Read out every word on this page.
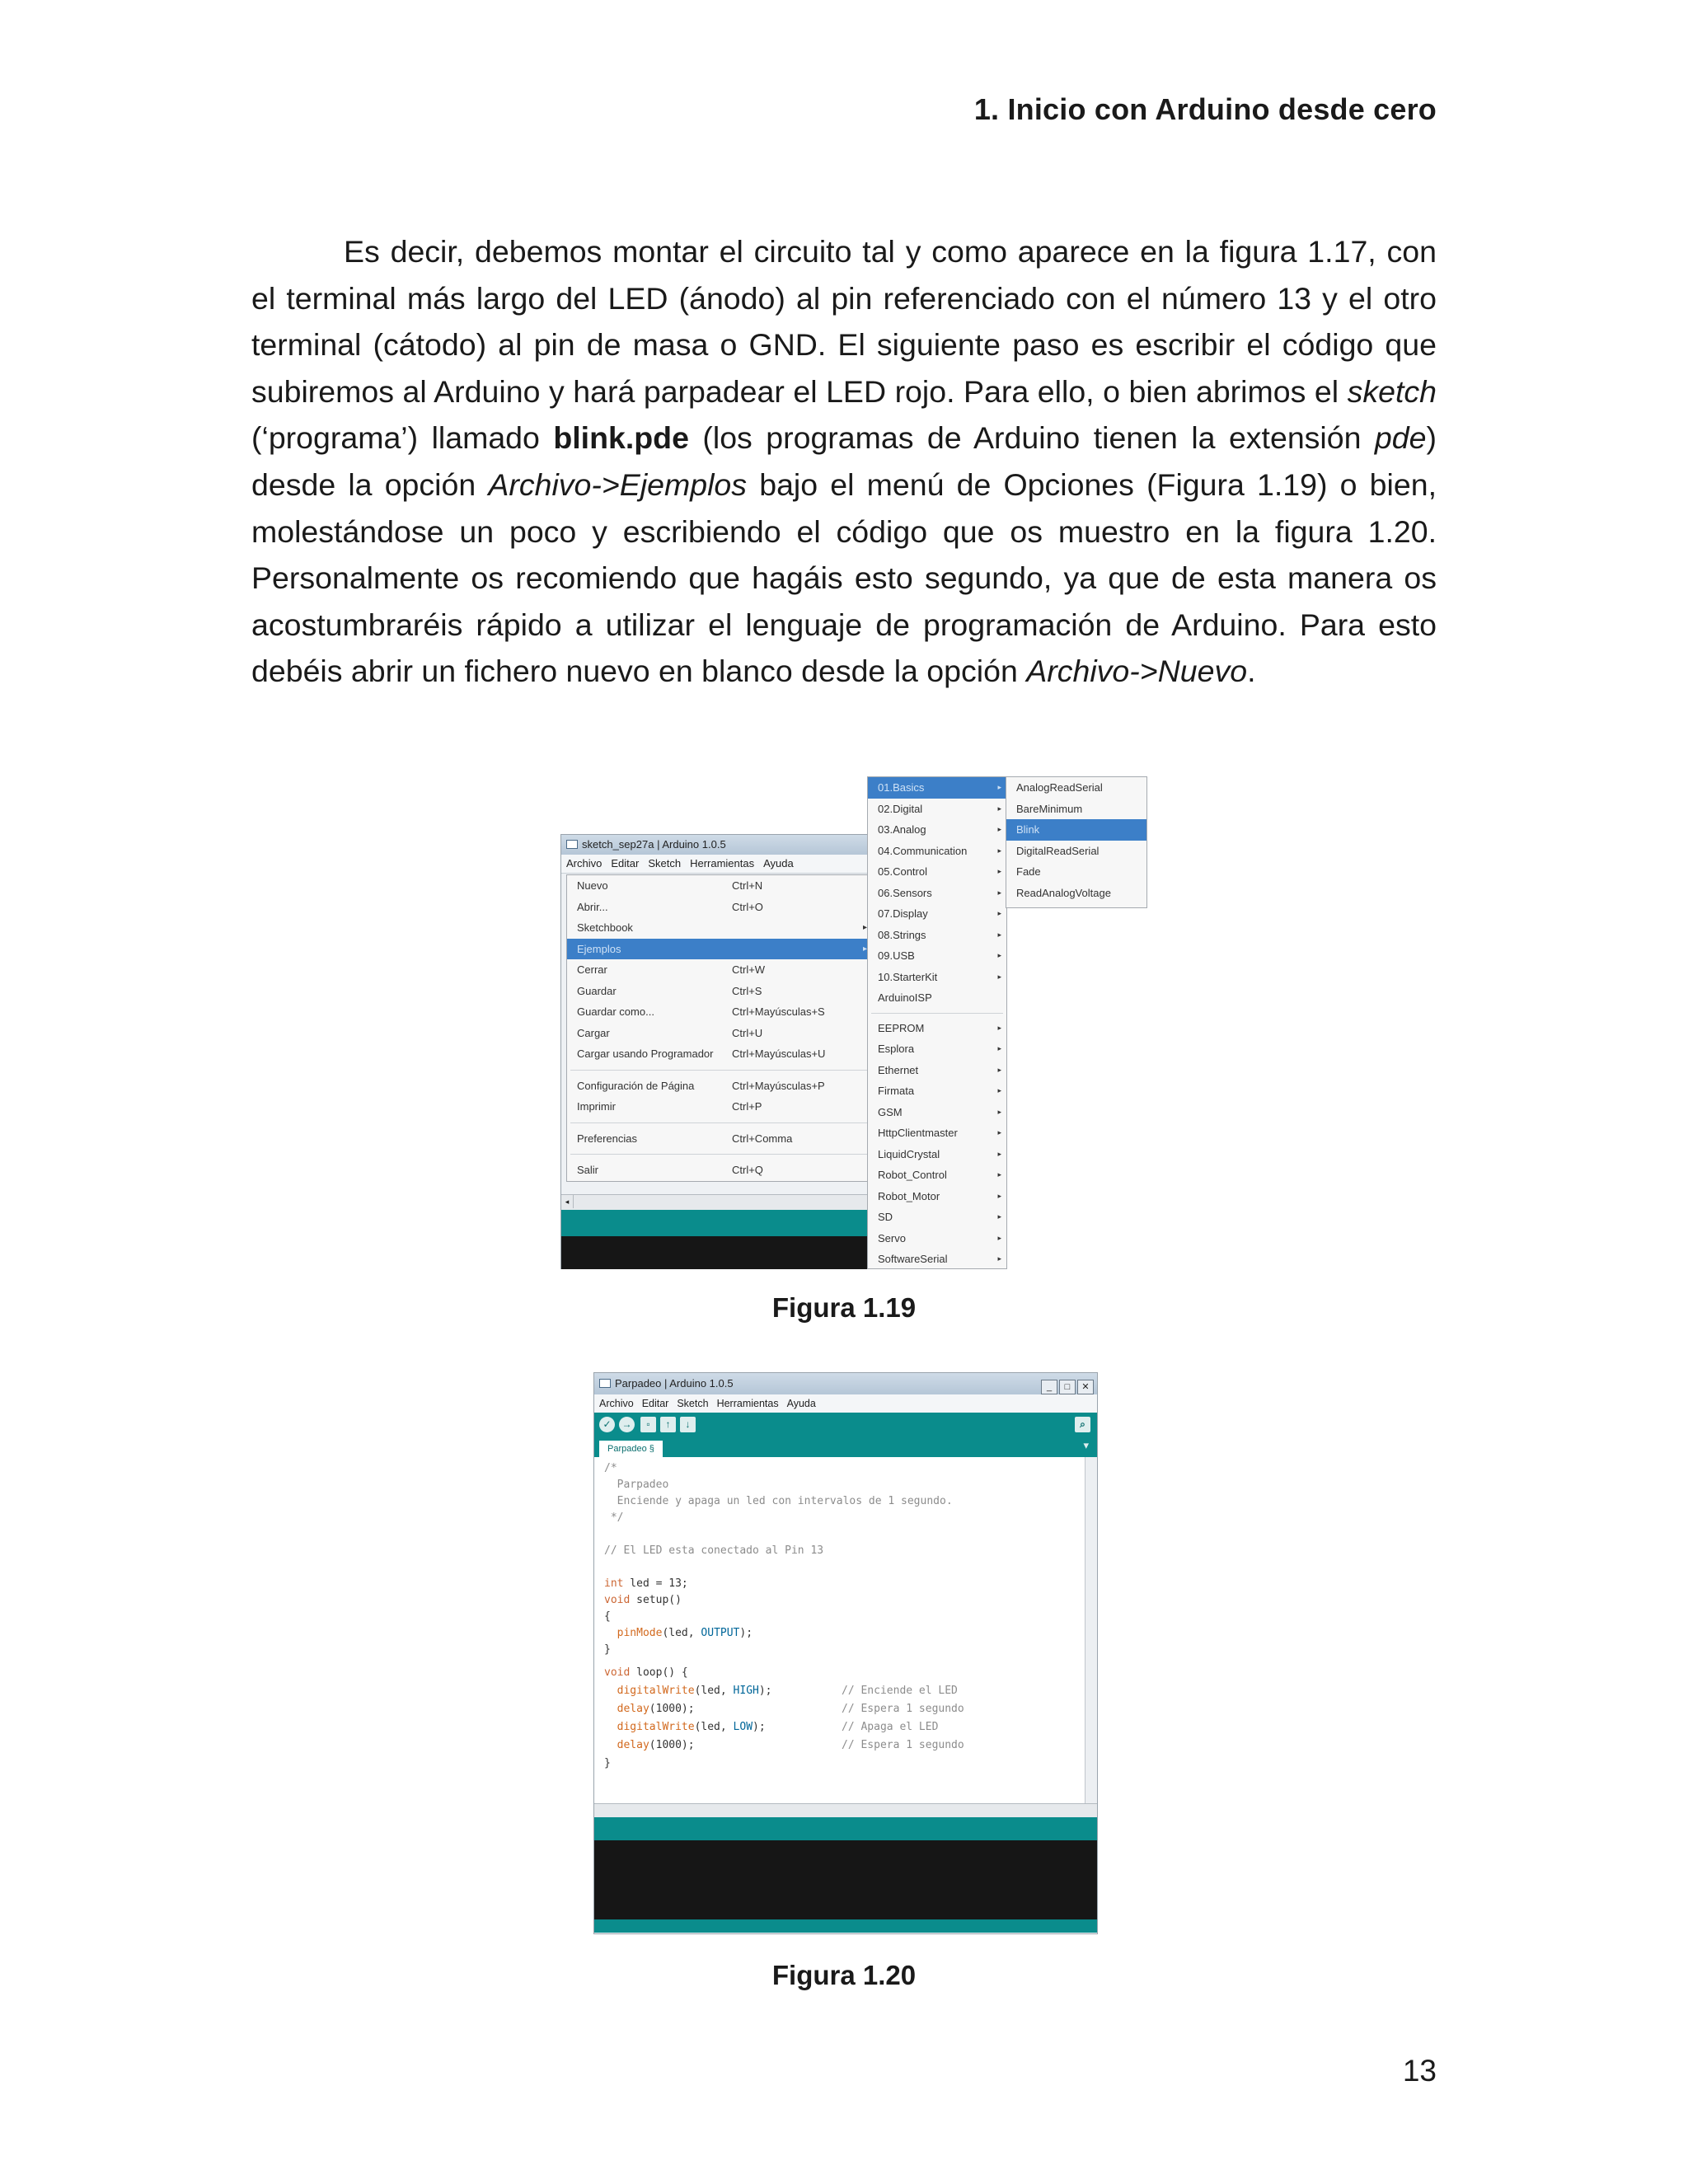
1. Inicio con Arduino desde cero
Es decir, debemos montar el circuito tal y como aparece en la figura 1.17, con el terminal más largo del LED (ánodo) al pin referenciado con el número 13 y el otro terminal (cátodo) al pin de masa o GND. El siguiente paso es escribir el código que subiremos al Arduino y hará parpadear el LED rojo. Para ello, o bien abrimos el sketch (‘programa’) llamado blink.pde (los programas de Arduino tienen la extensión pde) desde la opción Archivo->Ejemplos bajo el menú de Opciones (Figura 1.19) o bien, molestándose un poco y escribiendo el código que os muestro en la figura 1.20. Personalmente os recomiendo que hagáis esto segundo, ya que de esta manera os acostumbraréis rápido a utilizar el lenguaje de programación de Arduino. Para esto debéis abrir un fichero nuevo en blanco desde la opción Archivo->Nuevo.
sketch_sep27a | Arduino 1.0.5
Archivo Editar Sketch Herramientas Ayuda
Nuevo	Ctrl+N
Abrir...	Ctrl+O
Sketchbook	▸
Ejemplos	▸
Cerrar	Ctrl+W
Guardar	Ctrl+S
Guardar como...	Ctrl+Mayúsculas+S
Cargar	Ctrl+U
Cargar usando Programador Ctrl+Mayúsculas+U
Configuración de Página	Ctrl+Mayúsculas+P
Imprimir	Ctrl+P
Preferencias	Ctrl+Comma
Salir	Ctrl+Q
◂
01.Basics	▸
02.Digital	▸
03.Analog	▸
04.Communication	▸
05.Control	▸
06.Sensors	▸
07.Display	▸
08.Strings	▸
09.USB	▸
10.StarterKit	▸
ArduinoISP
EEPROM	▸
Esplora	▸
Ethernet	▸
Firmata	▸
GSM	▸
HttpClientmaster	▸
LiquidCrystal	▸
Robot_Control	▸
Robot_Motor	▸
SD	▸
Servo	▸
SoftwareSerial	▸
AnalogReadSerial
BareMinimum
Blink
DigitalReadSerial
Fade
ReadAnalogVoltage
Figura 1.19
Parpadeo | Arduino 1.0.5	_ □ ✕
Archivo Editar Sketch Herramientas Ayuda
✓	→	▫	↑	↓	⌕
Parpadeo §	▾
/*
Parpadeo
Enciende y apaga un led con intervalos de 1 segundo.
*/
// El LED esta conectado al Pin 13
int led = 13;
void setup()
{
pinMode(led, OUTPUT);
}
void loop() {
digitalWrite(led, HIGH);	// Enciende el LED
delay(1000);	// Espera 1 segundo
digitalWrite(led, LOW);	// Apaga el LED
delay(1000);	// Espera 1 segundo
}
Figura 1.20
13
